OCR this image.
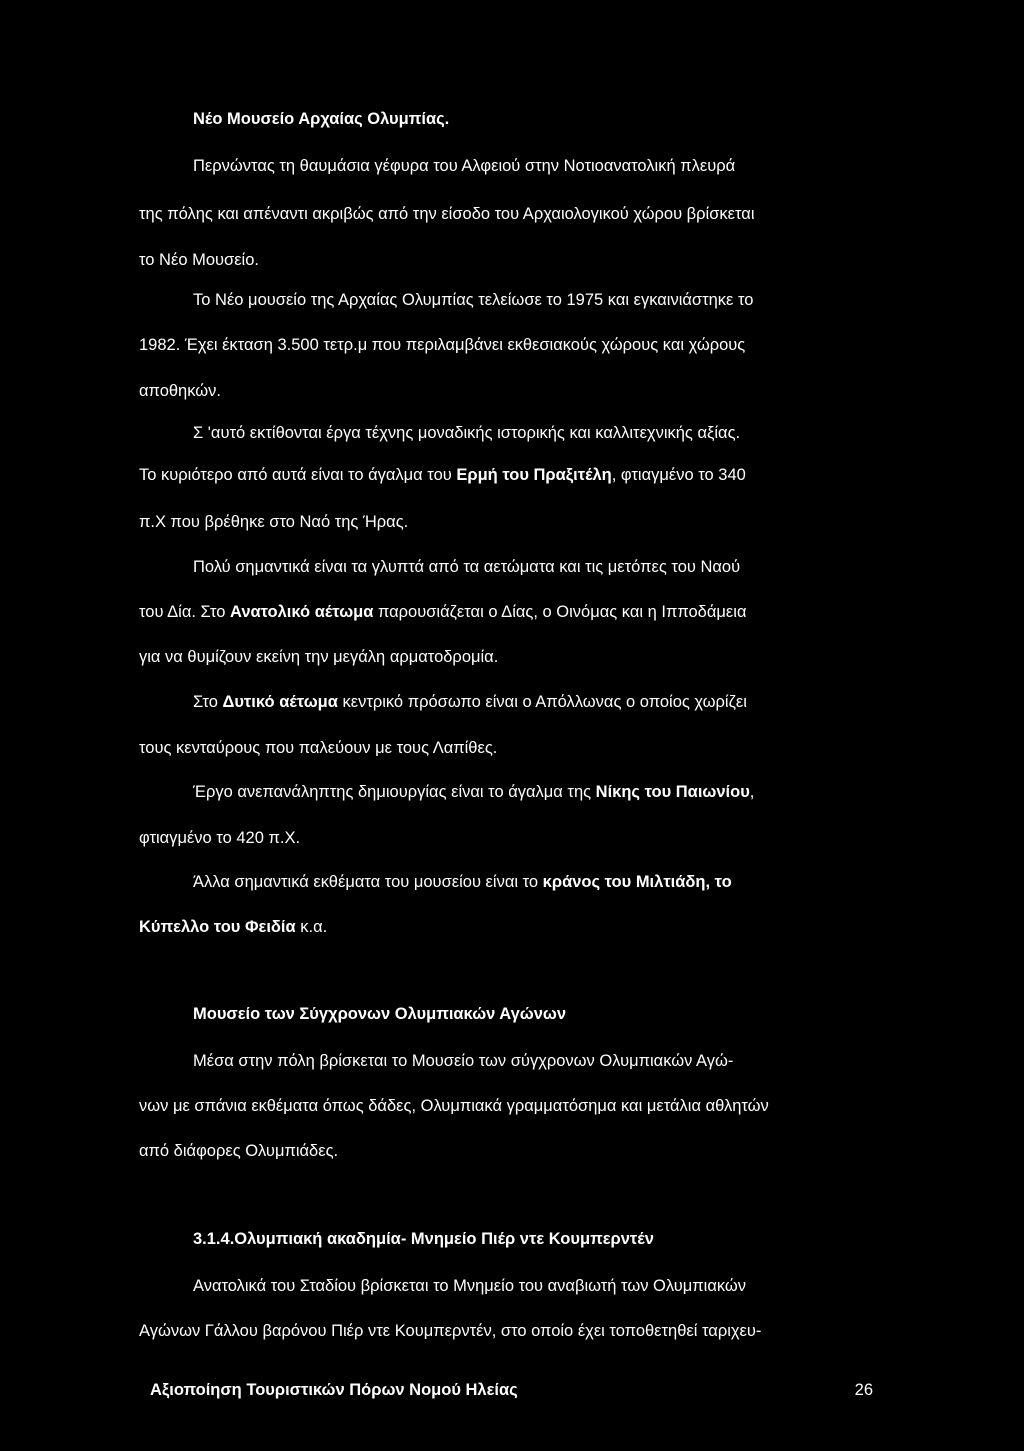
Νέο Μουσείο Αρχαίας Ολυμπίας.
Περνώντας τη θαυμάσια γέφυρα του Αλφειού στην Νοτιοανατολική πλευρά
της πόλης και απέναντι ακριβώς από την είσοδο του Αρχαιολογικού χώρου βρίσκεται
το Νέο Μουσείο.
Το Νέο μουσείο της Αρχαίας Ολυμπίας τελείωσε το 1975 και εγκαινιάστηκε το
1982. Έχει έκταση 3.500 τετρ.μ που περιλαμβάνει εκθεσιακούς χώρους και χώρους
αποθηκών.
Σ 'αυτό εκτίθονται έργα τέχνης μοναδικής ιστορικής και καλλιτεχνικής αξίας.
Το κυριότερο από αυτά είναι το άγαλμα του Ερμή του Πραξιτέλη, φτιαγμένο το 340
π.Χ που βρέθηκε στο Ναό της Ήρας.
Πολύ σημαντικά είναι τα γλυπτά από τα αετώματα και τις μετόπες του Ναού
του Δία. Στο Ανατολικό αέτωμα παρουσιάζεται ο Δίας, ο Οινόμας και η Ιπποδάμεια
για να θυμίζουν εκείνη την μεγάλη αρματοδρομία.
Στο Δυτικό αέτωμα κεντρικό πρόσωπο είναι ο Απόλλωνας ο οποίος χωρίζει
τους κενταύρους που παλεύουν με τους Λαπίθες.
Έργο ανεπανάληπτης δημιουργίας είναι το άγαλμα της Νίκης του Παιωνίου,
φτιαγμένο το 420 π.Χ.
Άλλα σημαντικά εκθέματα του μουσείου είναι το κράνος του Μιλτιάδη, το
Κύπελλο του Φειδία κ.α.
Μουσείο των Σύγχρονων Ολυμπιακών Αγώνων
Μέσα στην πόλη βρίσκεται το Μουσείο των σύγχρονων Ολυμπιακών Αγώ-
νων με σπάνια εκθέματα όπως δάδες, Ολυμπιακά γραμματόσημα και μετάλια αθλητών
από διάφορες Ολυμπιάδες.
3.1.4.Ολυμπιακή ακαδημία- Μνημείο Πιέρ ντε Κουμπερντέν
Ανατολικά του Σταδίου βρίσκεται το Μνημείο του αναβιωτή των Ολυμπιακών
Αγώνων Γάλλου βαρόνου Πιέρ ντε Κουμπερντέν, στο οποίο έχει τοποθετηθεί ταριχευ-
Αξιοποίηση Τουριστικών Πόρων Νομού Ηλείας	26
